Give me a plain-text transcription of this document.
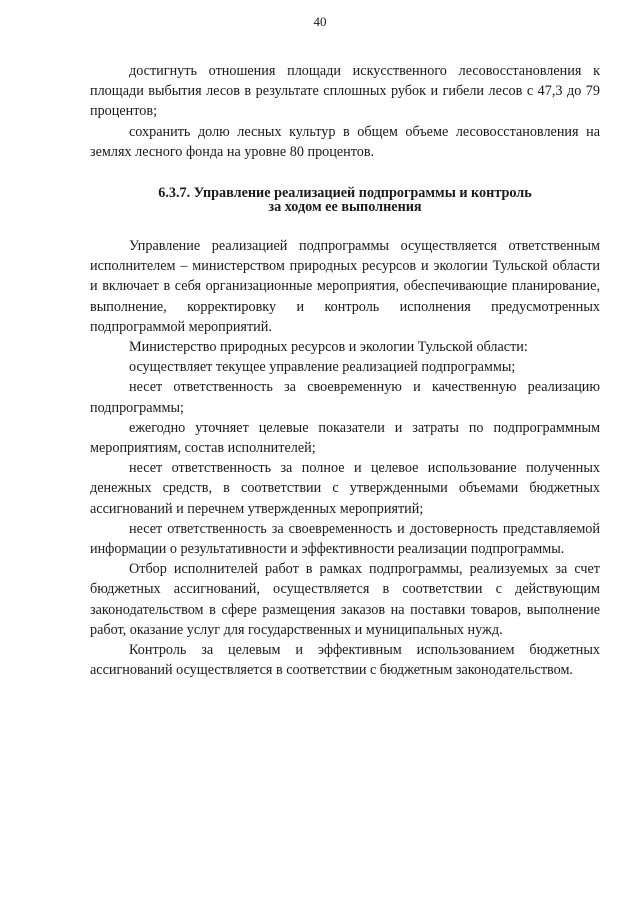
40

достигнуть отношения площади искусственного лесовосстановления к площади выбытия лесов в результате сплошных рубок и гибели лесов с 47,3 до 79 процентов;

сохранить долю лесных культур в общем объеме лесовосстановления на землях лесного фонда на уровне 80 процентов.

6.3.7. Управление реализацией подпрограммы и контроль
за ходом ее выполнения

Управление реализацией подпрограммы осуществляется ответственным исполнителем – министерством природных ресурсов и экологии Тульской области и включает в себя организационные мероприятия, обеспечивающие планирование, выполнение, корректировку и контроль исполнения предусмотренных подпрограммой мероприятий.

Министерство природных ресурсов и экологии Тульской области:

осуществляет текущее управление реализацией подпрограммы;

несет ответственность за своевременную и качественную реализацию подпрограммы;

ежегодно уточняет целевые показатели и затраты по подпрограммным мероприятиям, состав исполнителей;

несет ответственность за полное и целевое использование полученных денежных средств, в соответствии с утвержденными объемами бюджетных ассигнований и перечнем утвержденных мероприятий;

несет ответственность за своевременность и достоверность представляемой информации о результативности и эффективности реализации подпрограммы.

Отбор исполнителей работ в рамках подпрограммы, реализуемых за счет бюджетных ассигнований, осуществляется в соответствии с действующим законодательством в сфере размещения заказов на поставки товаров, выполнение работ, оказание услуг для государственных и муниципальных нужд.

Контроль за целевым и эффективным использованием бюджетных ассигнований осуществляется в соответствии с бюджетным законодательством.
